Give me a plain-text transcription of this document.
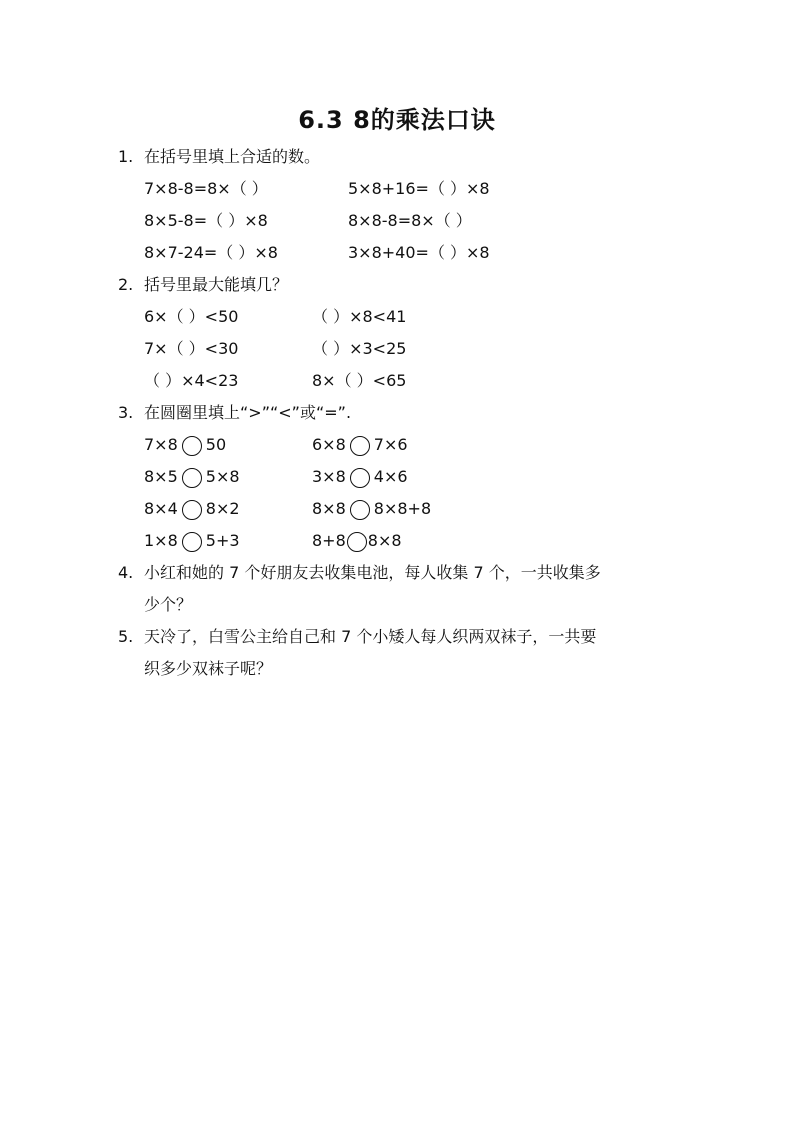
6.3 8的乘法口诀
1. 在括号里填上合适的数。
7×8-8=8×（ ）	5×8+16=（ ）×8
8×5-8=（ ）×8	8×8-8=8×（ ）
8×7-24=（ ）×8	3×8+40=（ ）×8
2. 括号里最大能填几？
6×（ ）<50	（ ）×8<41
7×（ ）<30	（ ）×3<25
（ ）×4<23	8×（ ）<65
3. 在圆圈里填上“>”“<”或“=”.
7×8 50	6×8 7×6
8×5 5×8	3×8 4×6
8×4 8×2	8×8 8×8+8
1×8 5+3	8+8 8×8
4. 小红和她的 7 个好朋友去收集电池，每人收集 7 个，一共收集多
少个？
5. 天冷了，白雪公主给自己和 7 个小矮人每人织两双袜子，一共要
织多少双袜子呢？
